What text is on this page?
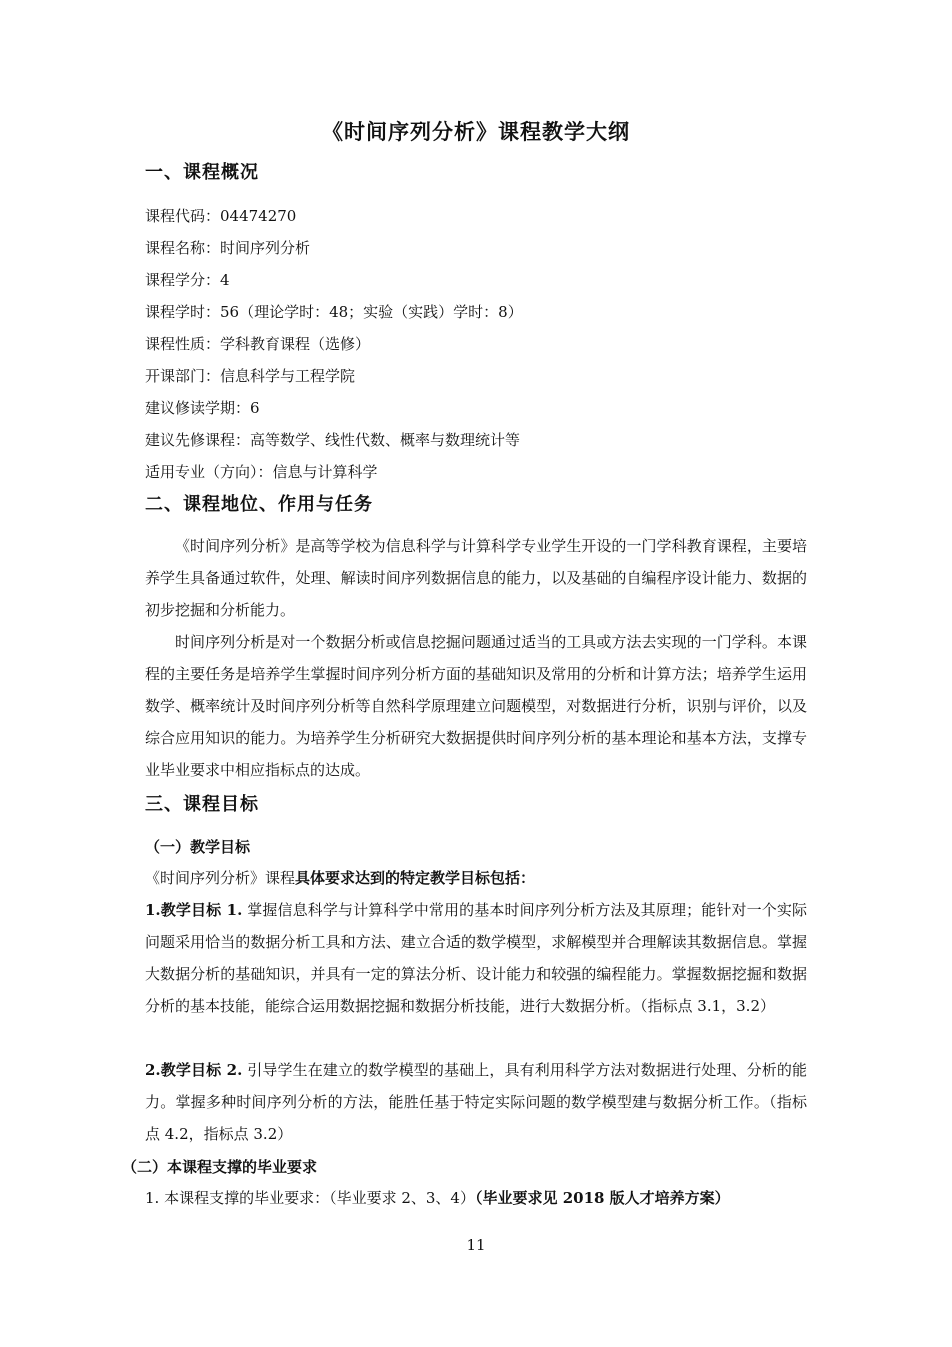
《时间序列分析》课程教学大纲
一、课程概况
课程代码：04474270
课程名称：时间序列分析
课程学分：4
课程学时：56（理论学时：48；实验（实践）学时：8）
课程性质：学科教育课程（选修）
开课部门：信息科学与工程学院
建议修读学期：6
建议先修课程：高等数学、线性代数、概率与数理统计等
适用专业（方向）：信息与计算科学
二、课程地位、作用与任务

《时间序列分析》是高等学校为信息科学与计算科学专业学生开设的一门学科教育课程，主要培养学生具备通过软件，处理、解读时间序列数据信息的能力，以及基础的自编程序设计能力、数据的初步挖掘和分析能力。

时间序列分析是对一个数据分析或信息挖掘问题通过适当的工具或方法去实现的一门学科。本课程的主要任务是培养学生掌握时间序列分析方面的基础知识及常用的分析和计算方法；培养学生运用数学、概率统计及时间序列分析等自然科学原理建立问题模型，对数据进行分析，识别与评价，以及综合应用知识的能力。为培养学生分析研究大数据提供时间序列分析的基本理论和基本方法，支撑专业毕业要求中相应指标点的达成。

三、课程目标
（一）教学目标
《时间序列分析》课程具体要求达到的特定教学目标包括：

1.教学目标 1. 掌握信息科学与计算科学中常用的基本时间序列分析方法及其原理；能针对一个实际问题采用恰当的数据分析工具和方法、建立合适的数学模型，求解模型并合理解读其数据信息。掌握大数据分析的基础知识，并具有一定的算法分析、设计能力和较强的编程能力。掌握数据挖掘和数据分析的基本技能，能综合运用数据挖掘和数据分析技能，进行大数据分析。（指标点 3.1，3.2）

2.教学目标 2. 引导学生在建立的数学模型的基础上，具有利用科学方法对数据进行处理、分析的能力。掌握多种时间序列分析的方法，能胜任基于特定实际问题的数学模型建与数据分析工作。（指标点 4.2，指标点 3.2）

（二）本课程支撑的毕业要求
1. 本课程支撑的毕业要求：（毕业要求 2、3、4）（毕业要求见 2018 版人才培养方案）
11
